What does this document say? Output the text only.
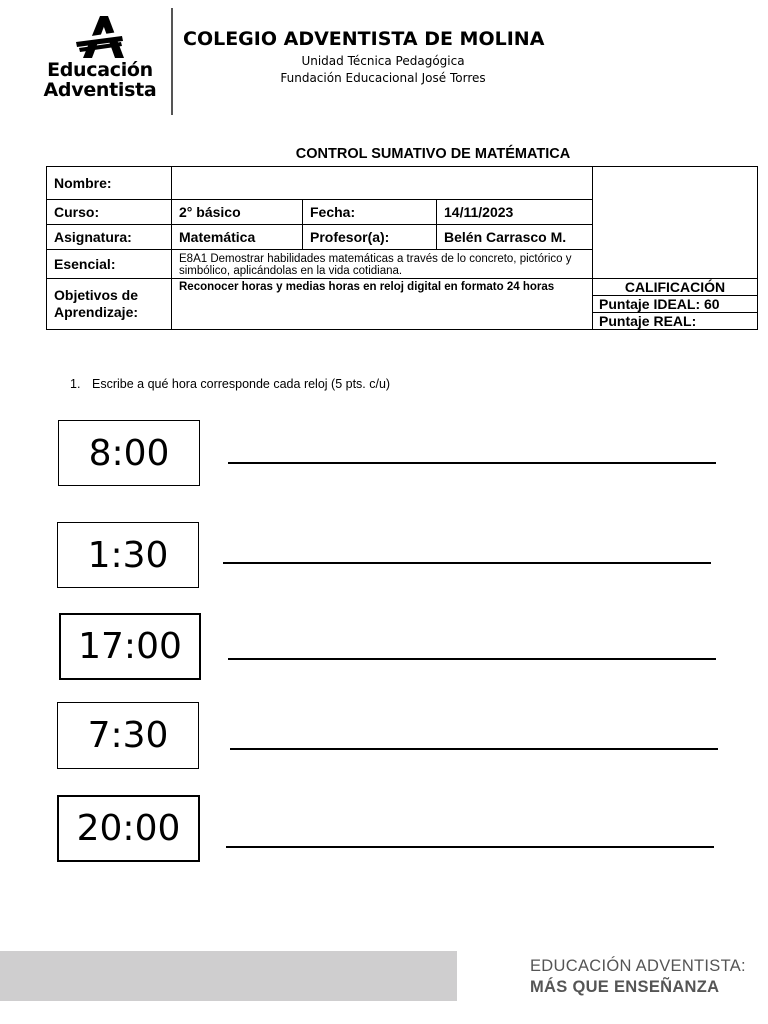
Educación
Adventista
COLEGIO ADVENTISTA DE MOLINA
Unidad Técnica Pedagógica
Fundación Educacional José Torres
CONTROL SUMATIVO DE MATÉMATICA
Nombre:				
Curso:	2° básico	Fecha:	14/11/2023	
Asignatura:	Matemática	Profesor(a):	Belén Carrasco M.	
Esencial:	E8A1 Demostrar habilidades matemáticas a través de lo concreto, pictórico y simbólico, aplicándolas en la vida cotidiana.			
Objetivos de Aprendizaje:	Reconocer horas y medias horas en reloj digital en formato 24 horas			CALIFICACIÓN
				Puntaje IDEAL: 60
				Puntaje REAL:
1. Escribe a qué hora corresponde cada reloj (5 pts. c/u)
8:00
1:30
17:00
7:30
20:00
EDUCACIÓN ADVENTISTA:
MÁS QUE ENSEÑANZA
